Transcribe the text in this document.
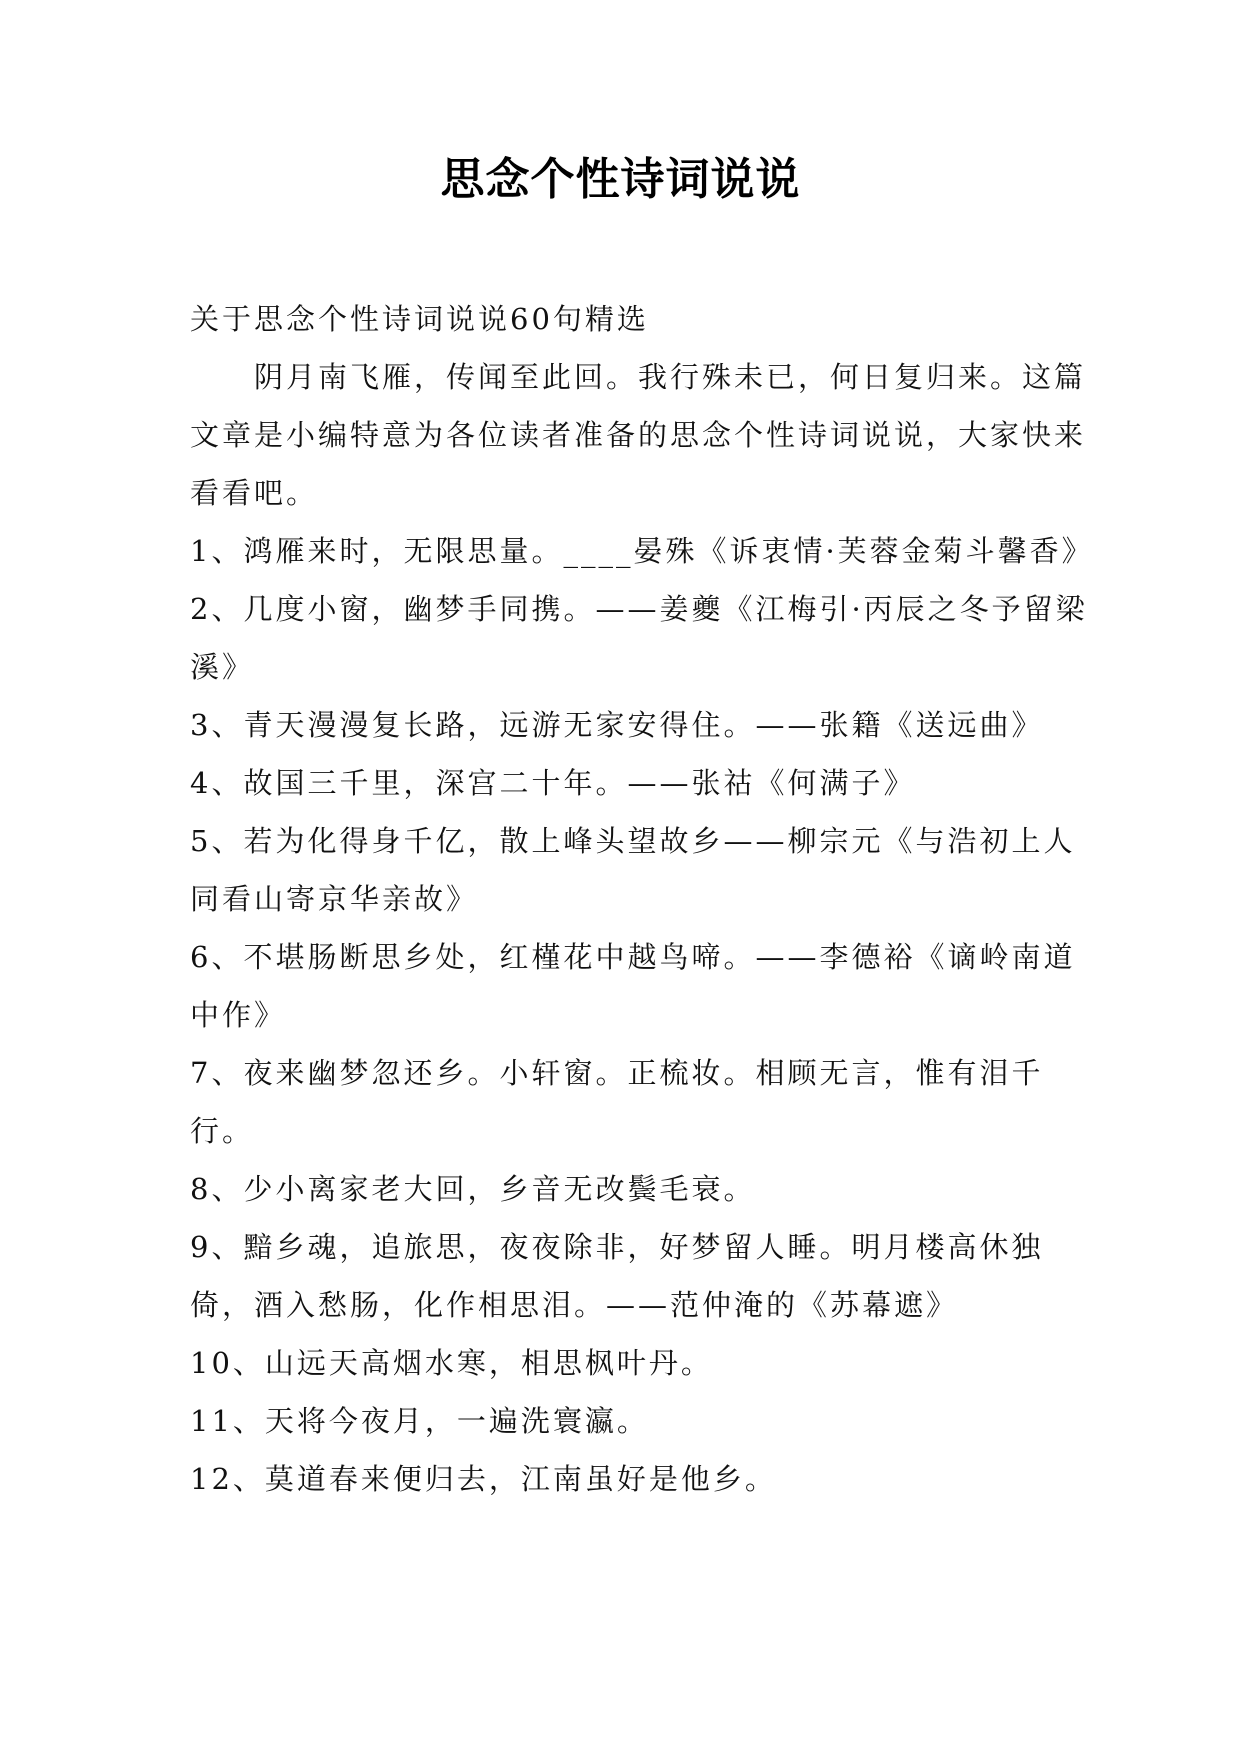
思念个性诗词说说

关于思念个性诗词说说60句精选

阴月南飞雁，传闻至此回。我行殊未已，何日复归来。这篇文章是小编特意为各位读者准备的思念个性诗词说说，大家快来看看吧。

1、鸿雁来时，无限思量。____晏殊《诉衷情·芙蓉金菊斗馨香》

2、几度小窗，幽梦手同携。——姜夔《江梅引·丙辰之冬予留梁溪》

3、青天漫漫复长路，远游无家安得住。——张籍《送远曲》

4、故国三千里，深宫二十年。——张祜《何满子》

5、若为化得身千亿，散上峰头望故乡——柳宗元《与浩初上人同看山寄京华亲故》

6、不堪肠断思乡处，红槿花中越鸟啼。——李德裕《谪岭南道中作》

7、夜来幽梦忽还乡。小轩窗。正梳妆。相顾无言，惟有泪千行。

8、少小离家老大回，乡音无改鬓毛衰。

9、黯乡魂，追旅思，夜夜除非，好梦留人睡。明月楼高休独倚，酒入愁肠，化作相思泪。——范仲淹的《苏幕遮》

10、山远天高烟水寒，相思枫叶丹。

11、天将今夜月，一遍洗寰瀛。

12、莫道春来便归去，江南虽好是他乡。
